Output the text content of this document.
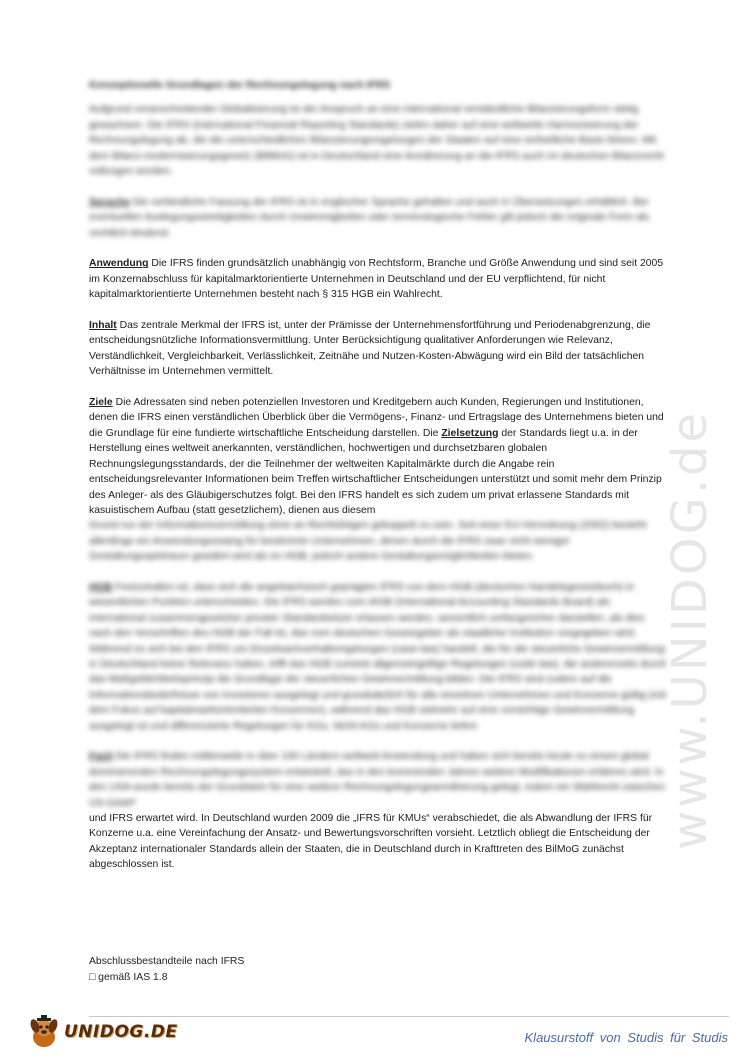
www.UNIDOG.de
Konzeptionelle Grundlagen der Rechnungslegung nach IFRS
Aufgrund voranschreitender Globalisierung ist der Anspruch an eine international verständliche Bilanzierungsform stetig gewachsen. Die IFRS (International Financial Reporting Standards) zielen daher auf eine weltweite Harmonisierung der Rechnungslegung ab, die die unterschiedlichen Bilanzierungsregelungen der Staaten auf eine einheitliche Basis führen. Mit dem Bilanz-modernisierungsgesetz (BilMoG) ist in Deutschland eine Annäherung an die IFRS auch im deutschen Bilanzrecht vollzogen worden.
Sprache Die verbindliche Fassung der IFRS ist in englischer Sprache gehalten und auch in Übersetzungen erhältlich. Bei eventuellen Auslegungsstreitigkeiten durch Unstimmigkeiten oder terminologische Fehler gilt jedoch die originale Form als rechtlich bindend.
Anwendung Die IFRS finden grundsätzlich unabhängig von Rechtsform, Branche und Größe Anwendung und sind seit 2005 im Konzernabschluss für kapitalmarktorientierte Unternehmen in Deutschland und der EU verpflichtend, für nicht kapitalmarktorientierte Unternehmen besteht nach § 315 HGB ein Wahlrecht.
Inhalt Das zentrale Merkmal der IFRS ist, unter der Prämisse der Unternehmensfortführung und Periodenabgrenzung, die entscheidungsnützliche Informationsvermittlung. Unter Berücksichtigung qualitativer Anforderungen wie Relevanz, Verständlichkeit, Vergleichbarkeit, Verlässlichkeit, Zeitnähe und Nutzen-Kosten-Abwägung wird ein Bild der tatsächlichen Verhältnisse im Unternehmen vermittelt.

Ziele Die Adressaten sind neben potenziellen Investoren und Kreditgebern auch Kunden, Regierungen und Institutionen, denen die IFRS einen verständlichen Überblick über die Vermögens-, Finanz- und Ertragslage des Unternehmens bieten und die Grundlage für eine fundierte wirtschaftliche Entscheidung darstellen. Die Zielsetzung der Standards liegt u.a. in der Herstellung eines weltweit anerkannten, verständlichen, hochwertigen und durchsetzbaren globalen Rechnungslegungsstandards, der die Teilnehmer der weltweiten Kapitalmärkte durch die Angabe rein entscheidungsrelevanter Informationen beim Treffen wirtschaftlicher Entscheidungen unterstützt und somit mehr dem Prinzip des Anleger- als des Gläubigerschutzes folgt. Bei den IFRS handelt es sich zudem um privat erlassene Standards mit kasuistischem Aufbau (statt gesetzlichem), dienen aus diesem

Grund nur der Informationsvermittlung ohne an Rechtsfolgen gekoppelt zu sein. Seit einer EU-Verordnung (2002) besteht allerdings ein Anwendungszwang für bestimmte Unternehmen, denen durch die IFRS zwar nicht weniger Gestaltungsspielraum gewährt wird als im HGB, jedoch andere Gestaltungsmöglichkeiten bieten.

HGB Festzuhalten ist, dass sich die angelsächsisch geprägten IFRS von dem HGB (deutsches Handelsgesetzbuch) in wesentlichen Punkten unterscheiden. Die IFRS werden vom IASB (International Accounting Standards Board) als international zusammengesetzter privater Standardsetzer erlassen werden, wesentlich umfangreicher darstellen, als dies nach den Vorschriften des HGB der Fall ist, das vom deutschen Gesetzgeber als staatliche Institution vorgegeben wird. Während es sich bei den IFRS um Einzelsachverhaltsregelungen (case-law) handelt, die für die steuerliche Gewinnermittlung in Deutschland keine Relevanz haben, trifft das HGB zumeist allgemeingültige Regelungen (code law), die andererseits durch das Maßgeblichkeitsprinzip die Grundlage der steuerlichen Gewinnermittlung bilden. Die IFRS sind zudem auf die Informationsbedürfnisse von Investoren ausgelegt und grundsätzlich für alle einzelnen Unternehmen und Konzerne gültig (mit dem Fokus auf kapitalmarktorientierten Konzernen), während das HGB vielmehr auf eine vorsichtige Gewinnermittlung ausgelegt ist und differenzierte Regelungen für KGs, Nicht-KGs und Konzerne liefert.

Fazit Die IFRS finden mittlerweile in über 100 Ländern weltweit Anwendung und haben sich bereits heute zu einem global dominierenden Rechnungslegungssystem entwickelt, das in den kommenden Jahren weitere Modifikationen erfahren wird. In den USA wurde bereits der Grundstein für eine weitere Rechnungslegungsannäherung gelegt, indem ein Wahlrecht zwischen US-GAAP

und IFRS erwartet wird. In Deutschland wurden 2009 die „IFRS für KMUs“ verabschiedet, die als Abwandlung der IFRS für Konzerne u.a. eine Vereinfachung der Ansatz- und Bewertungsvorschriften vorsieht. Letztlich obliegt die Entscheidung der Akzeptanz internationaler Standards allein der Staaten, die in Deutschland durch in Krafttreten des BilMoG zunächst abgeschlossen ist.

Abschlussbestandteile nach IFRS
□ gemäß IAS 1.8
UNIDOG.DE	Klausurstoff von Studis für Studis
